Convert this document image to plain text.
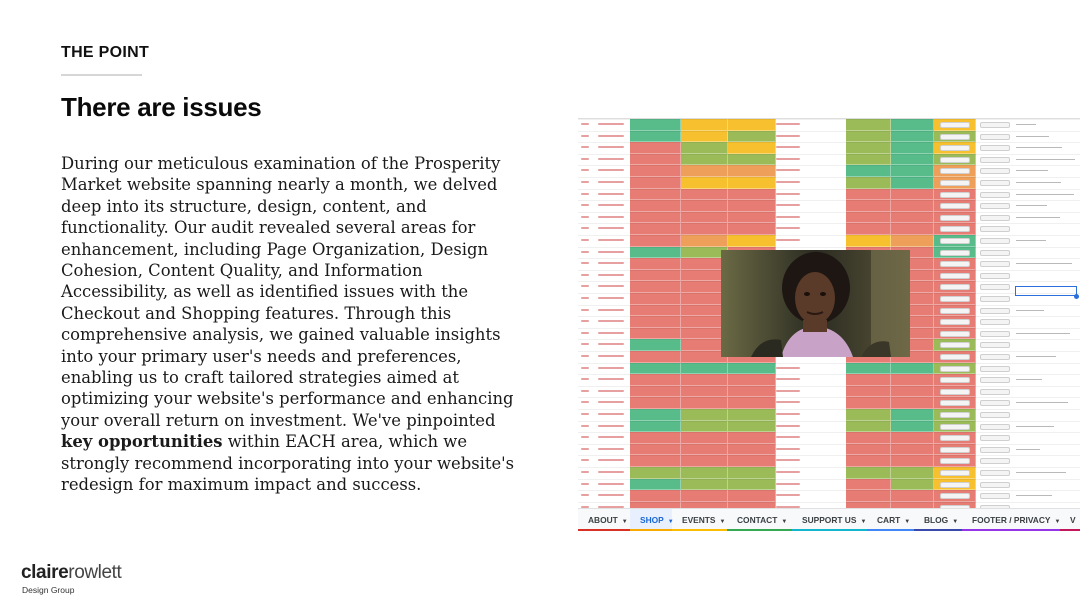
THE POINT
There are issues
During our meticulous examination of the Prosperity Market website spanning nearly a month, we delved deep into its structure, design, content, and functionality. Our audit revealed several areas for enhancement, including Page Organization, Design Cohesion, Content Quality, and Information Accessibility, as well as identified issues with the Checkout and Shopping features. Through this comprehensive analysis, we gained valuable insights into your primary user's needs and preferences, enabling us to craft tailored strategies aimed at optimizing your website's performance and enhancing your overall return on investment. We've pinpointed key opportunities within EACH area, which we strongly recommend incorporating into your website's redesign for maximum impact and success.
ABOUT ▼	SHOP ▼ EVENTS ▼	CONTACT ▼	SUPPORT US ▼	CART ▼	BLOG ▼	FOOTER / PRIVACY ▼	V
clairerowlett
Design Group
